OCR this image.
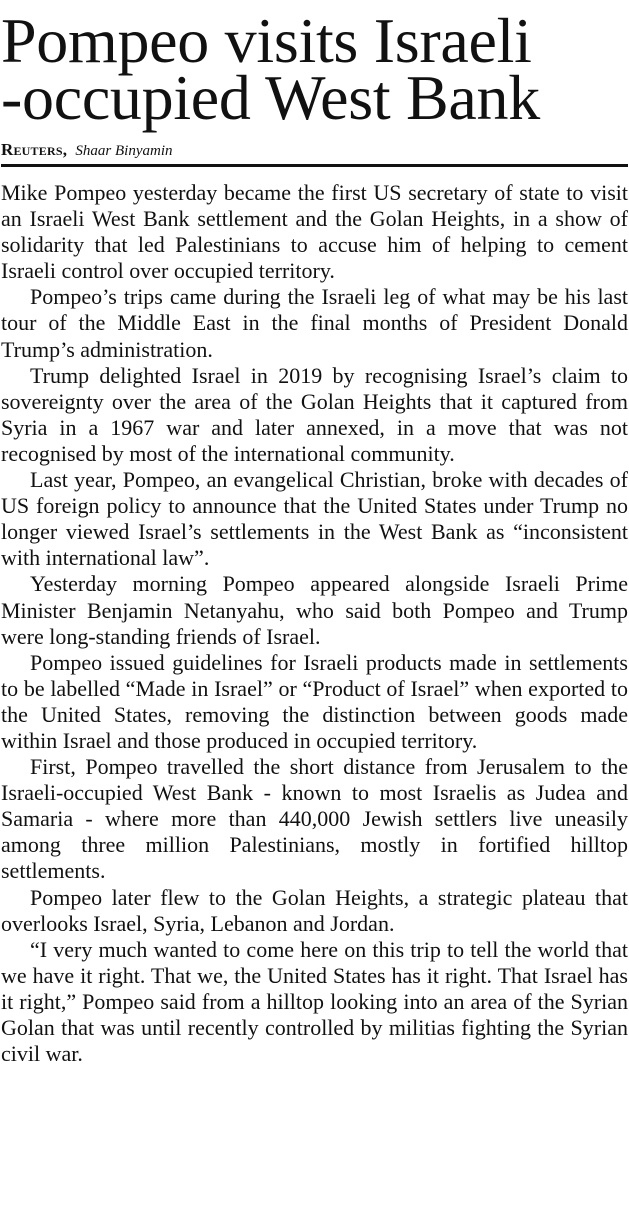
Pompeo visits Israeli
-occupied West Bank
Reuters, Shaar Binyamin

Mike Pompeo yesterday became the first US secretary of state to visit an Israeli West Bank settlement and the Golan Heights, in a show of solidarity that led Palestinians to accuse him of helping to cement Israeli control over occupied territory.

Pompeo’s trips came during the Israeli leg of what may be his last tour of the Middle East in the final months of President Donald Trump’s administration.

Trump delighted Israel in 2019 by recognising Israel’s claim to sovereignty over the area of the Golan Heights that it captured from Syria in a 1967 war and later annexed, in a move that was not recognised by most of the international community.

Last year, Pompeo, an evangelical Christian, broke with decades of US foreign policy to announce that the United States under Trump no longer viewed Israel’s settlements in the West Bank as “inconsistent with international law”.

Yesterday morning Pompeo appeared alongside Israeli Prime Minister Benjamin Netanyahu, who said both Pompeo and Trump were long-standing friends of Israel.

Pompeo issued guidelines for Israeli products made in settlements to be labelled “Made in Israel” or “Product of Israel” when exported to the United States, removing the distinction between goods made within Israel and those produced in occupied territory.

First, Pompeo travelled the short distance from Jerusalem to the Israeli-occupied West Bank - known to most Israelis as Judea and Samaria - where more than 440,000 Jewish settlers live uneasily among three million Palestinians, mostly in fortified hilltop settlements.

Pompeo later flew to the Golan Heights, a strategic plateau that overlooks Israel, Syria, Lebanon and Jordan.

“I very much wanted to come here on this trip to tell the world that we have it right. That we, the United States has it right. That Israel has it right,” Pompeo said from a hilltop looking into an area of the Syrian Golan that was until recently controlled by militias fighting the Syrian civil war.
